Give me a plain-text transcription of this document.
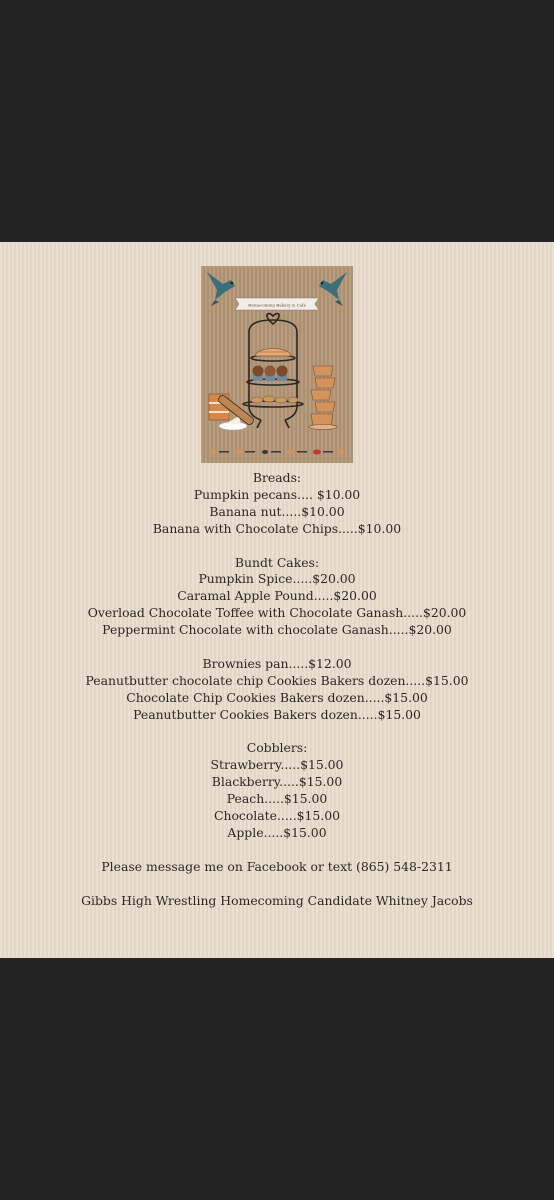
Homecoming Bakery & Café
Breads:
Pumpkin pecans.... $10.00
Banana nut.....$10.00
Banana with Chocolate Chips.....$10.00
Bundt Cakes:
Pumpkin Spice.....$20.00
Caramal Apple Pound.....$20.00
Overload Chocolate Toffee with Chocolate Ganash.....$20.00
Peppermint Chocolate with chocolate Ganash.....$20.00
Brownies pan.....$12.00
Peanutbutter chocolate chip Cookies Bakers dozen.....$15.00
Chocolate Chip Cookies Bakers dozen.....$15.00
Peanutbutter Cookies Bakers dozen.....$15.00
Cobblers:
Strawberry.....$15.00
Blackberry.....$15.00
Peach.....$15.00
Chocolate.....$15.00
Apple.....$15.00
Please message me on Facebook or text (865) 548-2311
Gibbs High Wrestling Homecoming Candidate Whitney Jacobs
